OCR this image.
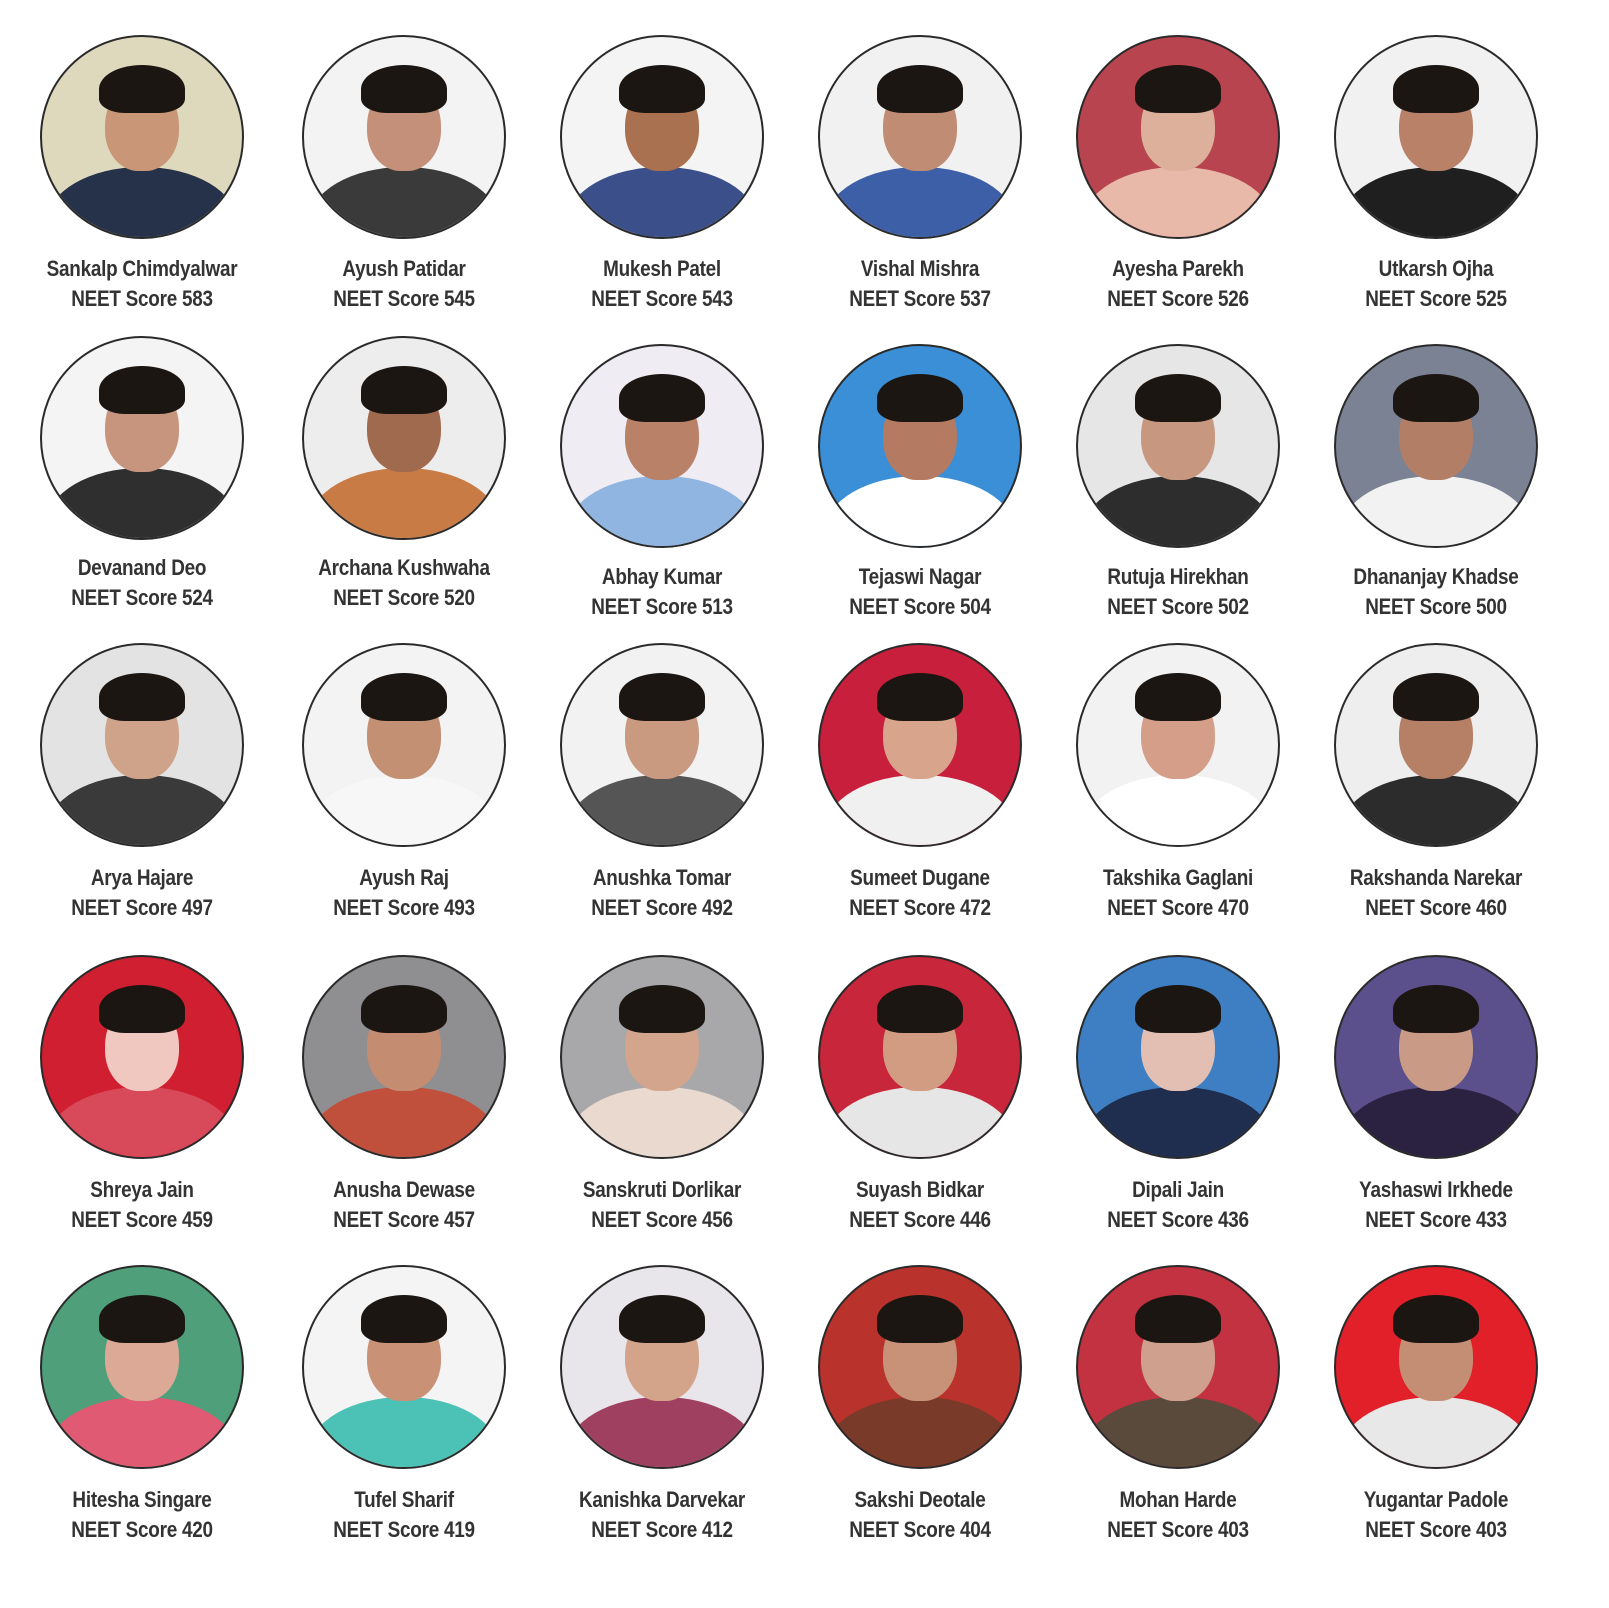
Sankalp Chimdyalwar
NEET Score 583
Ayush Patidar
NEET Score 545
Mukesh Patel
NEET Score 543
Vishal Mishra
NEET Score 537
Ayesha Parekh
NEET Score 526
Utkarsh Ojha
NEET Score 525
Devanand Deo
NEET Score 524
Archana Kushwaha
NEET Score 520
Abhay Kumar
NEET Score 513
Tejaswi Nagar
NEET Score 504
Rutuja Hirekhan
NEET Score 502
Dhananjay Khadse
NEET Score 500
Arya Hajare
NEET Score 497
Ayush Raj
NEET Score 493
Anushka Tomar
NEET Score 492
Sumeet Dugane
NEET Score 472
Takshika Gaglani
NEET Score 470
Rakshanda Narekar
NEET Score 460
Shreya Jain
NEET Score 459
Anusha Dewase
NEET Score 457
Sanskruti Dorlikar
NEET Score 456
Suyash Bidkar
NEET Score 446
Dipali Jain
NEET Score 436
Yashaswi Irkhede
NEET Score 433
Hitesha Singare
NEET Score 420
Tufel Sharif
NEET Score 419
Kanishka Darvekar
NEET Score 412
Sakshi Deotale
NEET Score 404
Mohan Harde
NEET Score 403
Yugantar Padole
NEET Score 403
